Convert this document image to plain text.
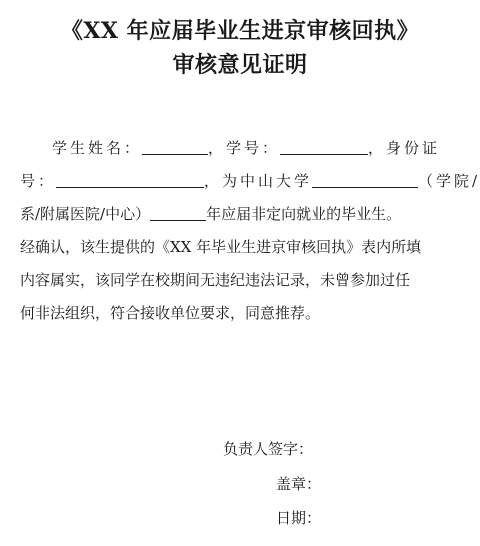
《XX 年应届毕业生进京审核回执》
审核意见证明
学生姓名：	，学号：	，身份证
号：	，为中山大学	（学院/
系/附属医院/中心）	年应届非定向就业的毕业生。
经确认，该生提供的《XX 年毕业生进京审核回执》表内所填
内容属实，该同学在校期间无违纪违法记录，未曾参加过任
何非法组织，符合接收单位要求，同意推荐。
负责人签字：
盖章：
日期：
